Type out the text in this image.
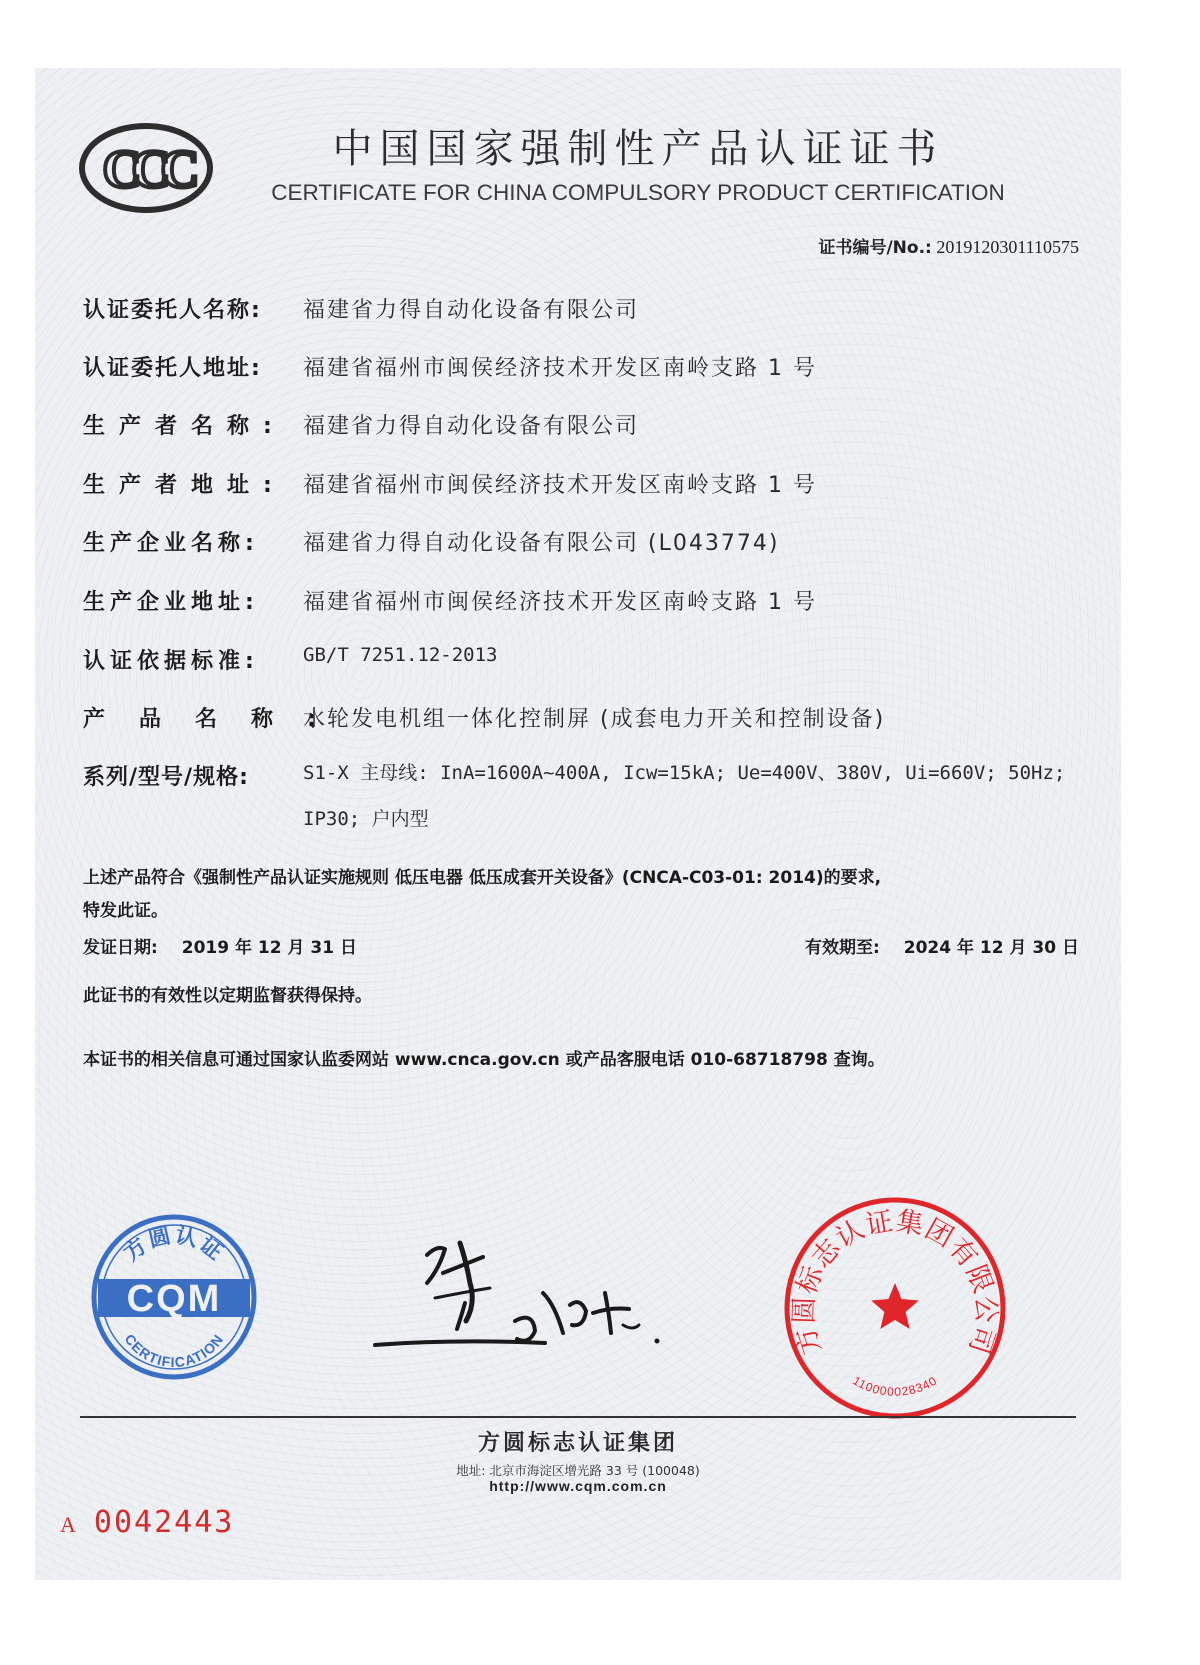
CCC	中国国家强制性产品认证证书
CERTIFICATE FOR CHINA COMPULSORY PRODUCT CERTIFICATION
证书编号/No.: 2019120301110575
认证委托人名称:	福建省力得自动化设备有限公司
认证委托人地址:	福建省福州市闽侯经济技术开发区南岭支路 1 号
生产者名称: 福建省力得自动化设备有限公司
生产者地址: 福建省福州市闽侯经济技术开发区南岭支路 1 号
生产企业名称:	福建省力得自动化设备有限公司 (L043774)
生产企业地址:	福建省福州市闽侯经济技术开发区南岭支路 1 号
认证依据标准:	GB/T 7251.12-2013
产品名称:
水轮发电机组一体化控制屏 (成套电力开关和控制设备)
系列/型号/规格:	S1-X 主母线: InA=1600A~400A, Icw=15kA; Ue=400V、380V, Ui=660V; 50Hz; IP30; 户内型
上述产品符合《强制性产品认证实施规则 低压电器 低压成套开关设备》(CNCA-C03-01: 2014)的要求,
特发此证。
发证日期: 2019 年 12 月 31 日	有效期至: 2024 年 12 月 30 日
此证书的有效性以定期监督获得保持。
本证书的相关信息可通过国家认监委网站 www.cnca.gov.cn 或产品客服电话 010-68718798 查询。
方圆认证
CQM
CERTIFICATION	方圆标志认证集团有限公司
110000028340
方圆标志认证集团
地址: 北京市海淀区增光路 33 号 (100048)
http://www.cqm.com.cn
A 0042443
